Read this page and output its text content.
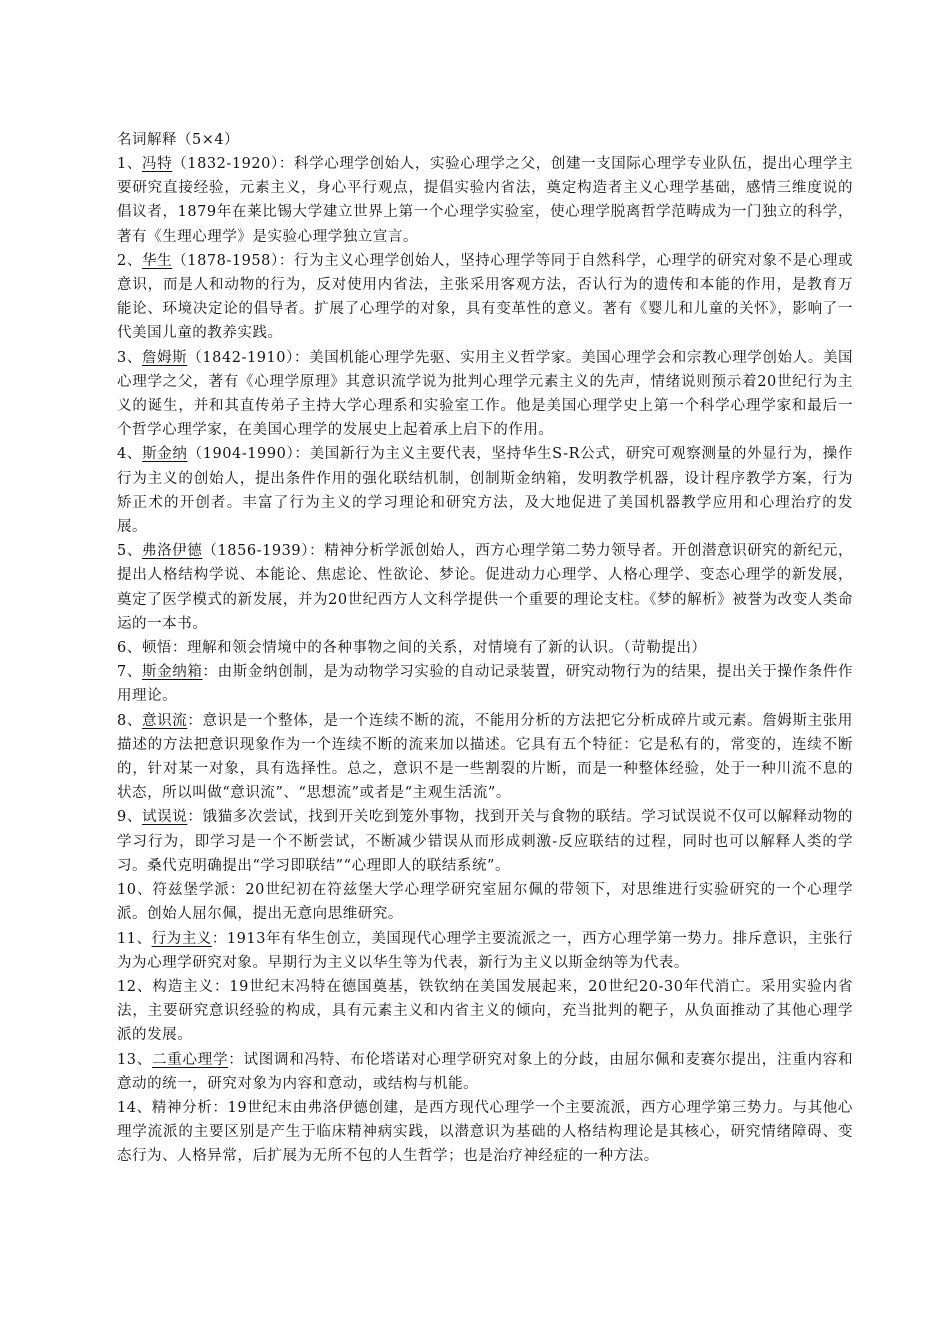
名词解释（5×4）

1、冯特（1832-1920）：科学心理学创始人，实验心理学之父，创建一支国际心理学专业队伍，提出心理学主要研究直接经验，元素主义，身心平行观点，提倡实验内省法，奠定构造者主义心理学基础，感情三维度说的倡议者，1879年在莱比锡大学建立世界上第一个心理学实验室，使心理学脱离哲学范畴成为一门独立的科学，著有《生理心理学》是实验心理学独立宣言。

2、华生（1878-1958）：行为主义心理学创始人，坚持心理学等同于自然科学，心理学的研究对象不是心理或意识，而是人和动物的行为，反对使用内省法，主张采用客观方法，否认行为的遗传和本能的作用，是教育万能论、环境决定论的倡导者。扩展了心理学的对象，具有变革性的意义。著有《婴儿和儿童的关怀》，影响了一代美国儿童的教养实践。

3、詹姆斯（1842-1910）：美国机能心理学先驱、实用主义哲学家。美国心理学会和宗教心理学创始人。美国心理学之父，著有《心理学原理》其意识流学说为批判心理学元素主义的先声，情绪说则预示着20世纪行为主义的诞生，并和其直传弟子主持大学心理系和实验室工作。他是美国心理学史上第一个科学心理学家和最后一个哲学心理学家，在美国心理学的发展史上起着承上启下的作用。

4、斯金纳（1904-1990）：美国新行为主义主要代表，坚持华生S-R公式，研究可观察测量的外显行为，操作行为主义的创始人，提出条件作用的强化联结机制，创制斯金纳箱，发明教学机器，设计程序教学方案，行为矫正术的开创者。丰富了行为主义的学习理论和研究方法，及大地促进了美国机器教学应用和心理治疗的发展。

5、弗洛伊德（1856-1939）：精神分析学派创始人，西方心理学第二势力领导者。开创潜意识研究的新纪元，提出人格结构学说、本能论、焦虑论、性欲论、梦论。促进动力心理学、人格心理学、变态心理学的新发展，奠定了医学模式的新发展，并为20世纪西方人文科学提供一个重要的理论支柱。《梦的解析》被誉为改变人类命运的一本书。

6、顿悟：理解和领会情境中的各种事物之间的关系，对情境有了新的认识。（苛勒提出）

7、斯金纳箱：由斯金纳创制，是为动物学习实验的自动记录装置，研究动物行为的结果，提出关于操作条件作用理论。

8、意识流：意识是一个整体，是一个连续不断的流，不能用分析的方法把它分析成碎片或元素。詹姆斯主张用描述的方法把意识现象作为一个连续不断的流来加以描述。它具有五个特征：它是私有的，常变的，连续不断的，针对某一对象，具有选择性。总之，意识不是一些割裂的片断，而是一种整体经验，处于一种川流不息的状态，所以叫做“意识流”、“思想流”或者是“主观生活流”。

9、试误说：饿猫多次尝试，找到开关吃到笼外事物，找到开关与食物的联结。学习试误说不仅可以解释动物的学习行为，即学习是一个不断尝试，不断减少错误从而形成刺激-反应联结的过程，同时也可以解释人类的学习。桑代克明确提出“学习即联结”“心理即人的联结系统”。

10、符兹堡学派：20世纪初在符兹堡大学心理学研究室屈尔佩的带领下，对思维进行实验研究的一个心理学派。创始人屈尔佩，提出无意向思维研究。

11、行为主义：1913年有华生创立，美国现代心理学主要流派之一，西方心理学第一势力。排斥意识，主张行为为心理学研究对象。早期行为主义以华生等为代表，新行为主义以斯金纳等为代表。

12、构造主义：19世纪末冯特在德国奠基，铁钦纳在美国发展起来，20世纪20-30年代消亡。采用实验内省法，主要研究意识经验的构成，具有元素主义和内省主义的倾向，充当批判的靶子，从负面推动了其他心理学派的发展。

13、二重心理学：试图调和冯特、布伦塔诺对心理学研究对象上的分歧，由屈尔佩和麦赛尔提出，注重内容和意动的统一，研究对象为内容和意动，或结构与机能。

14、精神分析：19世纪末由弗洛伊德创建，是西方现代心理学一个主要流派，西方心理学第三势力。与其他心理学流派的主要区别是产生于临床精神病实践，以潜意识为基础的人格结构理论是其核心，研究情绪障碍、变态行为、人格异常，后扩展为无所不包的人生哲学；也是治疗神经症的一种方法。
